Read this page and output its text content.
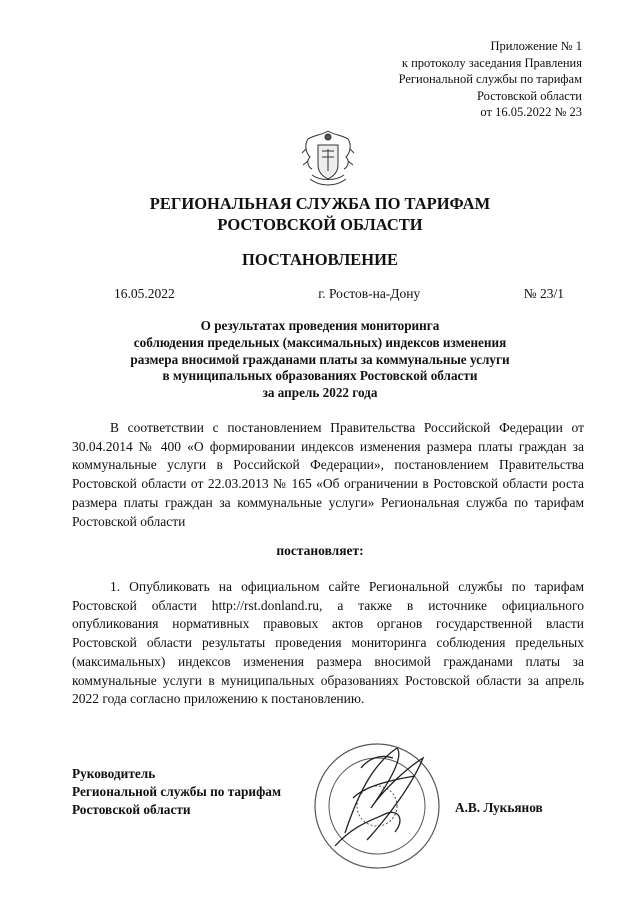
Приложение № 1
к протоколу заседания Правления
Региональной службы по тарифам
Ростовской области
от 16.05.2022 № 23
РЕГИОНАЛЬНАЯ СЛУЖБА ПО ТАРИФАМ
РОСТОВСКОЙ ОБЛАСТИ
ПОСТАНОВЛЕНИЕ
16.05.2022	г. Ростов-на-Дону	№ 23/1
О результатах проведения мониторинга
соблюдения предельных (максимальных) индексов изменения
размера вносимой гражданами платы за коммунальные услуги
в муниципальных образованиях Ростовской области
за апрель 2022 года
В соответствии с постановлением Правительства Российской Федерации от 30.04.2014 № 400 «О формировании индексов изменения размера платы граждан за коммунальные услуги в Российской Федерации», постановлением Правительства Ростовской области от 22.03.2013 № 165 «Об ограничении в Ростовской области роста размера платы граждан за коммунальные услуги» Региональная служба по тарифам Ростовской области
постановляет:
1. Опубликовать на официальном сайте Региональной службы по тарифам Ростовской области http://rst.donland.ru, а также в источнике официального опубликования нормативных правовых актов органов государственной власти Ростовской области результаты проведения мониторинга соблюдения предельных (максимальных) индексов изменения размера вносимой гражданами платы за коммунальные услуги в муниципальных образованиях Ростовской области за апрель 2022 года согласно приложению к постановлению.
Руководитель
Региональной службы по тарифам
Ростовской области	А.В. Лукьянов
